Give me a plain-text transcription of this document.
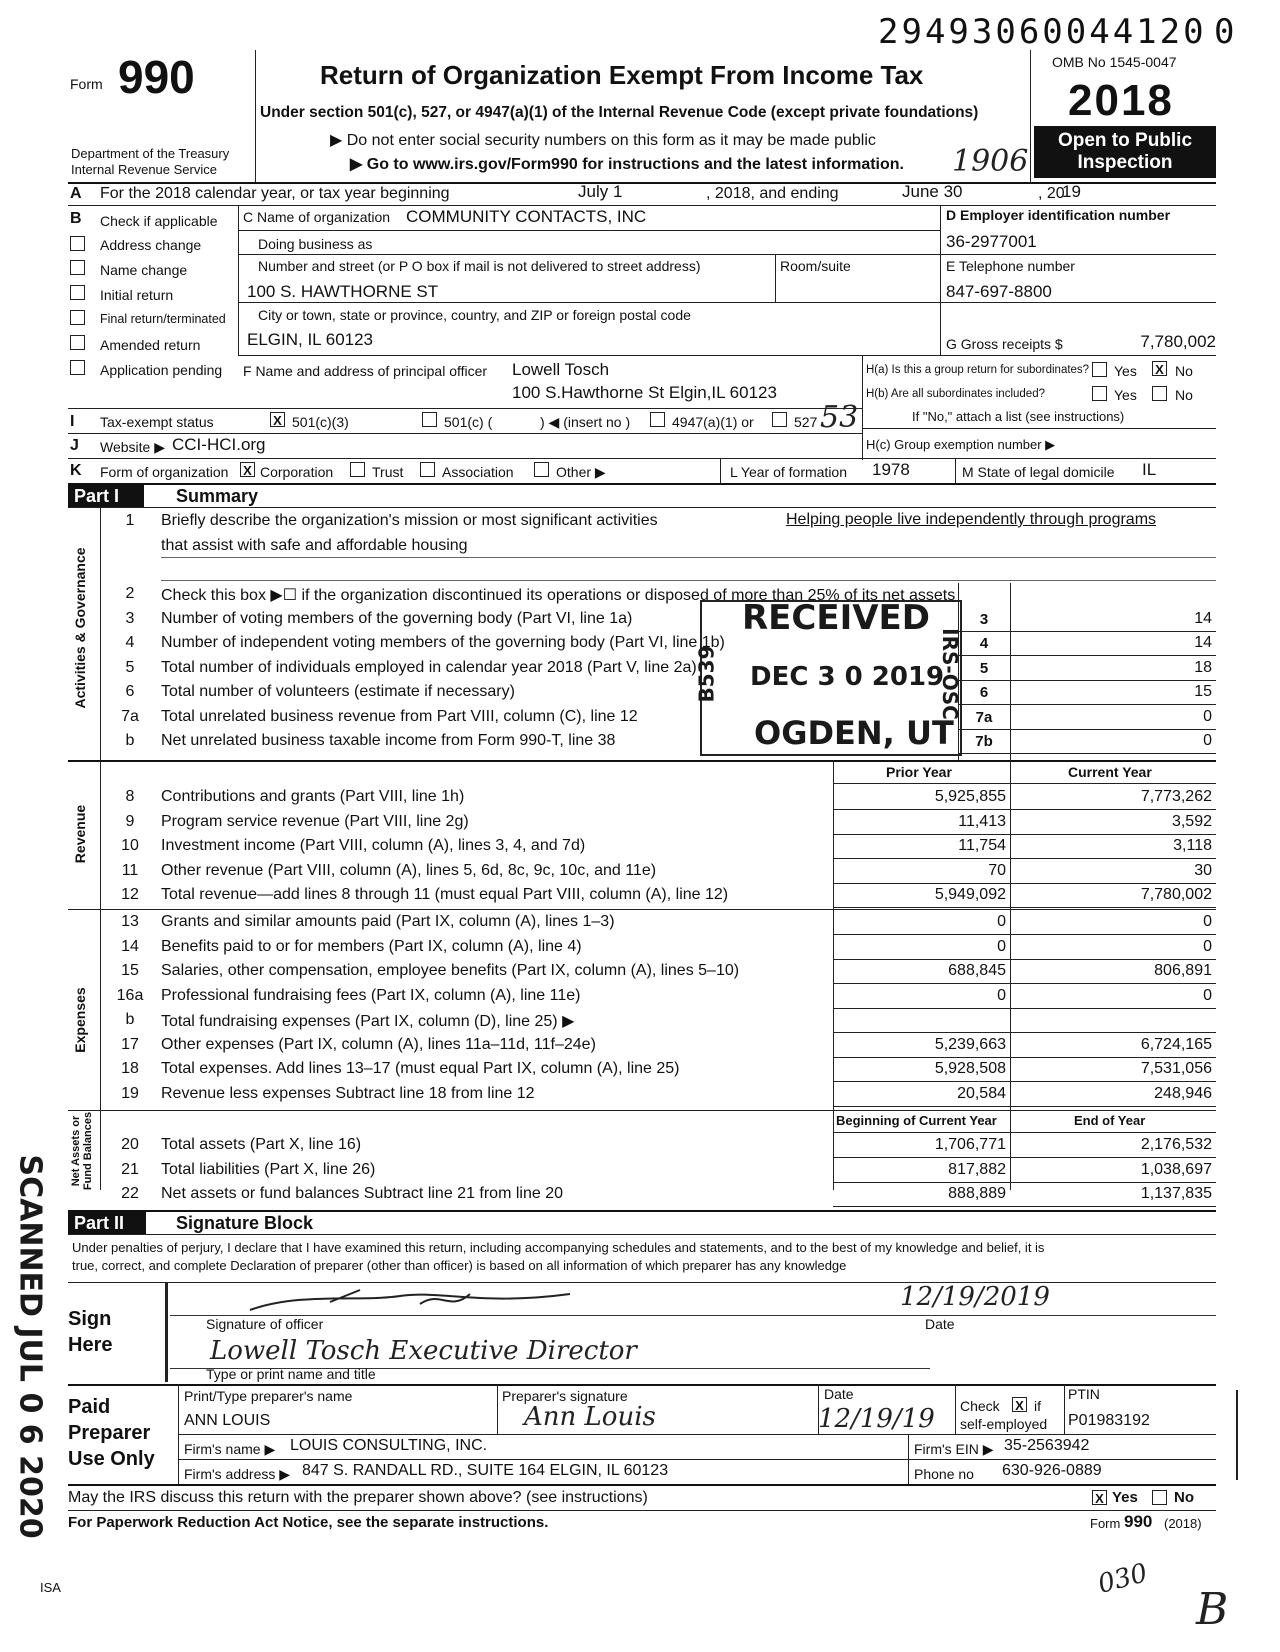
29493060044120 0
Form 990
Department of the Treasury
Internal Revenue Service
Return of Organization Exempt From Income Tax
Under section 501(c), 527, or 4947(a)(1) of the Internal Revenue Code (except private foundations)
▶ Do not enter social security numbers on this form as it may be made public
▶ Go to www.irs.gov/Form990 for instructions and the latest information. 1906
OMB No 1545-0047
2018
Open to Public
Inspection
A For the 2018 calendar year, or tax year beginning	July 1	, 2018, and ending	June 30	, 20
19
B Check if applicable
Address change
Name change
Initial return
Final return/terminated
Amended return
Application pending
C Name of organization COMMUNITY CONTACTS, INC
Doing business as
Number and street (or P O box if mail is not delivered to street address)	Room/suite
100 S. HAWTHORNE ST
City or town, state or province, country, and ZIP or foreign postal code
ELGIN, IL 60123
D Employer identification number
36-2977001
E Telephone number
847-697-8800
G Gross receipts $	7,780,002
F Name and address of principal officer Lowell Tosch
100 S.Hawthorne St Elgin,IL 60123
H(a) Is this a group return for subordinates? Yes X No
H(b) Are all subordinates included?	Yes	No
If "No," attach a list (see instructions)
H(c) Group exemption number ▶
I Tax-exempt status	X 501(c)(3)	501(c) (	) ◀ (insert no )	4947(a)(1) or	527 53
J Website ▶ CCI-HCI.org
K Form of organization X Corporation	Trust	Association	Other ▶	L Year of formation 1978	M State of legal domicile IL
Part I	Summary
1	Briefly describe the organization's mission or most significant activities	Helping people live independently through programs
that assist with safe and affordable housing
Activities & Governance	2	Check this box ▶☐ if the organization discontinued its operations or disposed of more than 25% of its net assets
3	Number of voting members of the governing body (Part VI, line 1a)	3	14
4	Number of independent voting members of the governing body (Part VI, line 1b)	4	14
5	Total number of individuals employed in calendar year 2018 (Part V, line 2a)	5	18
6	Total number of volunteers (estimate if necessary)	6	15
7a	Total unrelated business revenue from Part VIII, column (C), line 12	7a	0
b	Net unrelated business taxable income from Form 990-T, line 38	7b	0
Prior Year	Current Year
Revenue
8	Contributions and grants (Part VIII, line 1h)	5,925,855	7,773,262
9	Program service revenue (Part VIII, line 2g)	11,413	3,592
10	Investment income (Part VIII, column (A), lines 3, 4, and 7d)	11,754	3,118
11	Other revenue (Part VIII, column (A), lines 5, 6d, 8c, 9c, 10c, and 11e)	70	30
12	Total revenue—add lines 8 through 11 (must equal Part VIII, column (A), line 12)	5,949,092	7,780,002
Expenses
13	Grants and similar amounts paid (Part IX, column (A), lines 1–3)	0	0
14	Benefits paid to or for members (Part IX, column (A), line 4)	0	0
15	Salaries, other compensation, employee benefits (Part IX, column (A), lines 5–10)	688,845	806,891
16a Professional fundraising fees (Part IX, column (A), line 11e)	0	0
b	Total fundraising expenses (Part IX, column (D), line 25) ▶
17	Other expenses (Part IX, column (A), lines 11a–11d, 11f–24e)	5,239,663	6,724,165
18	Total expenses. Add lines 13–17 (must equal Part IX, column (A), line 25)	5,928,508	7,531,056
19	Revenue less expenses Subtract line 18 from line 12	20,584	248,946
Beginning of Current Year	End of Year
Net Assets or Fund Balances	20	Total assets (Part X, line 16)	1,706,771	2,176,532
21	Total liabilities (Part X, line 26)	817,882	1,038,697
22	Net assets or fund balances Subtract line 21 from line 20	888,889	1,137,835
RECEIVED
DEC 3 0 2019
OGDEN, UT
B539	IRS-OSC
Part II	Signature Block
Under penalties of perjury, I declare that I have examined this return, including accompanying schedules and statements, and to the best of my knowledge and belief, it is
true, correct, and complete Declaration of preparer (other than officer) is based on all information of which preparer has any knowledge
Sign
Here
12/19/2019
Signature of officer	Date
Lowell Tosch Executive Director
Type or print name and title
Paid
Preparer
Use Only
Print/Type preparer's name
ANN LOUIS
Preparer's signature
Ann Louis
Date
12/19/19 Check X if
self-employed
PTIN
P01983192
Firm's name ▶ LOUIS CONSULTING, INC.	Firm's EIN ▶ 35-2563942
Firm's address ▶ 847 S. RANDALL RD., SUITE 164 ELGIN, IL 60123	Phone no 630-926-0889
May the IRS discuss this return with the preparer shown above? (see instructions)	X Yes No
For Paperwork Reduction Act Notice, see the separate instructions.	Form 990 (2018)
ISA
SCANNED JUL 0 6 2020
030
B
